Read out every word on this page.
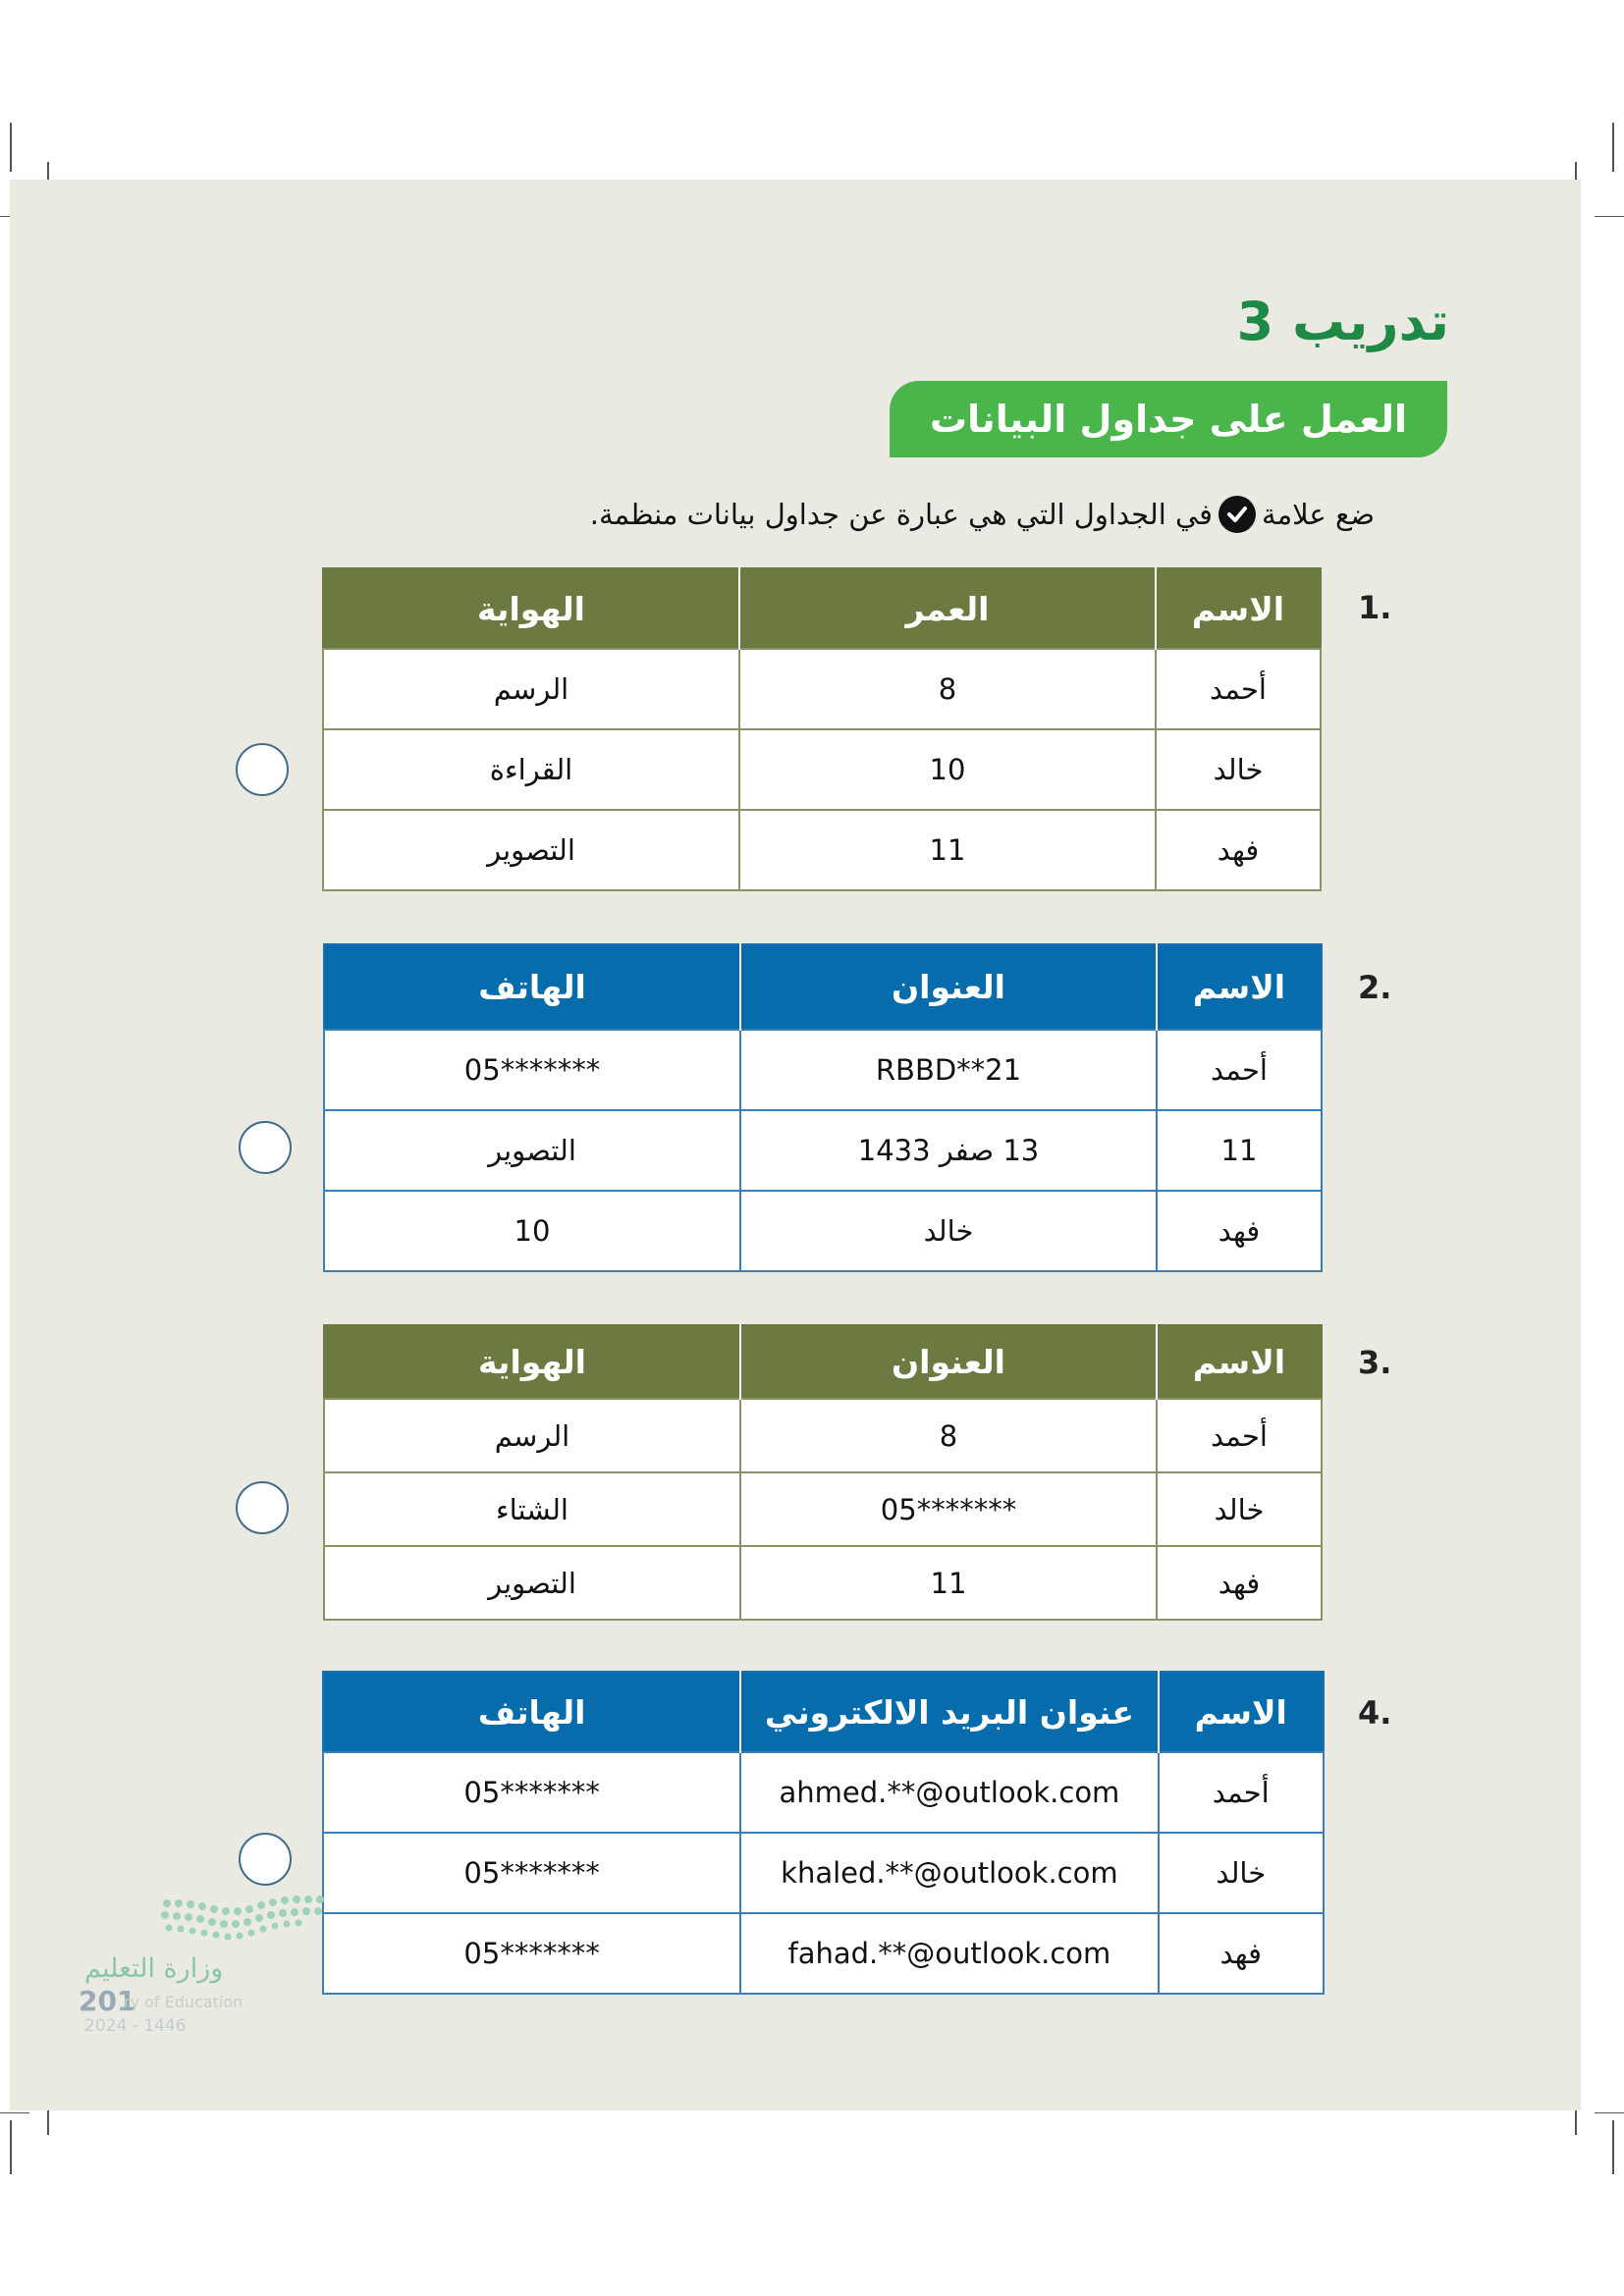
تدريب 3
العمل على جداول البيانات
ضع علامة
في الجداول التي هي عبارة عن جداول بيانات منظمة.
1.
الاسم	العمر	الهواية
أحمد	8	الرسم
خالد	10	القراءة
فهد	11	التصوير
2.
الاسم	العنوان	الهاتف
أحمد	RBBD**21	05*******
11	13 صفر 1433	التصوير
فهد	خالد	10
3.
الاسم	العنوان	الهواية
أحمد	8	الرسم
خالد	05*******	الشتاء
فهد	11	التصوير
4.
الاسم	عنوان البريد الالكتروني	الهاتف
أحمد	ahmed.**@outlook.com	05*******
خالد	khaled.**@outlook.com	05*******
فهد	fahad.**@outlook.com	05*******
وزارة التعليم
201
ry of Education
2024 - 1446
